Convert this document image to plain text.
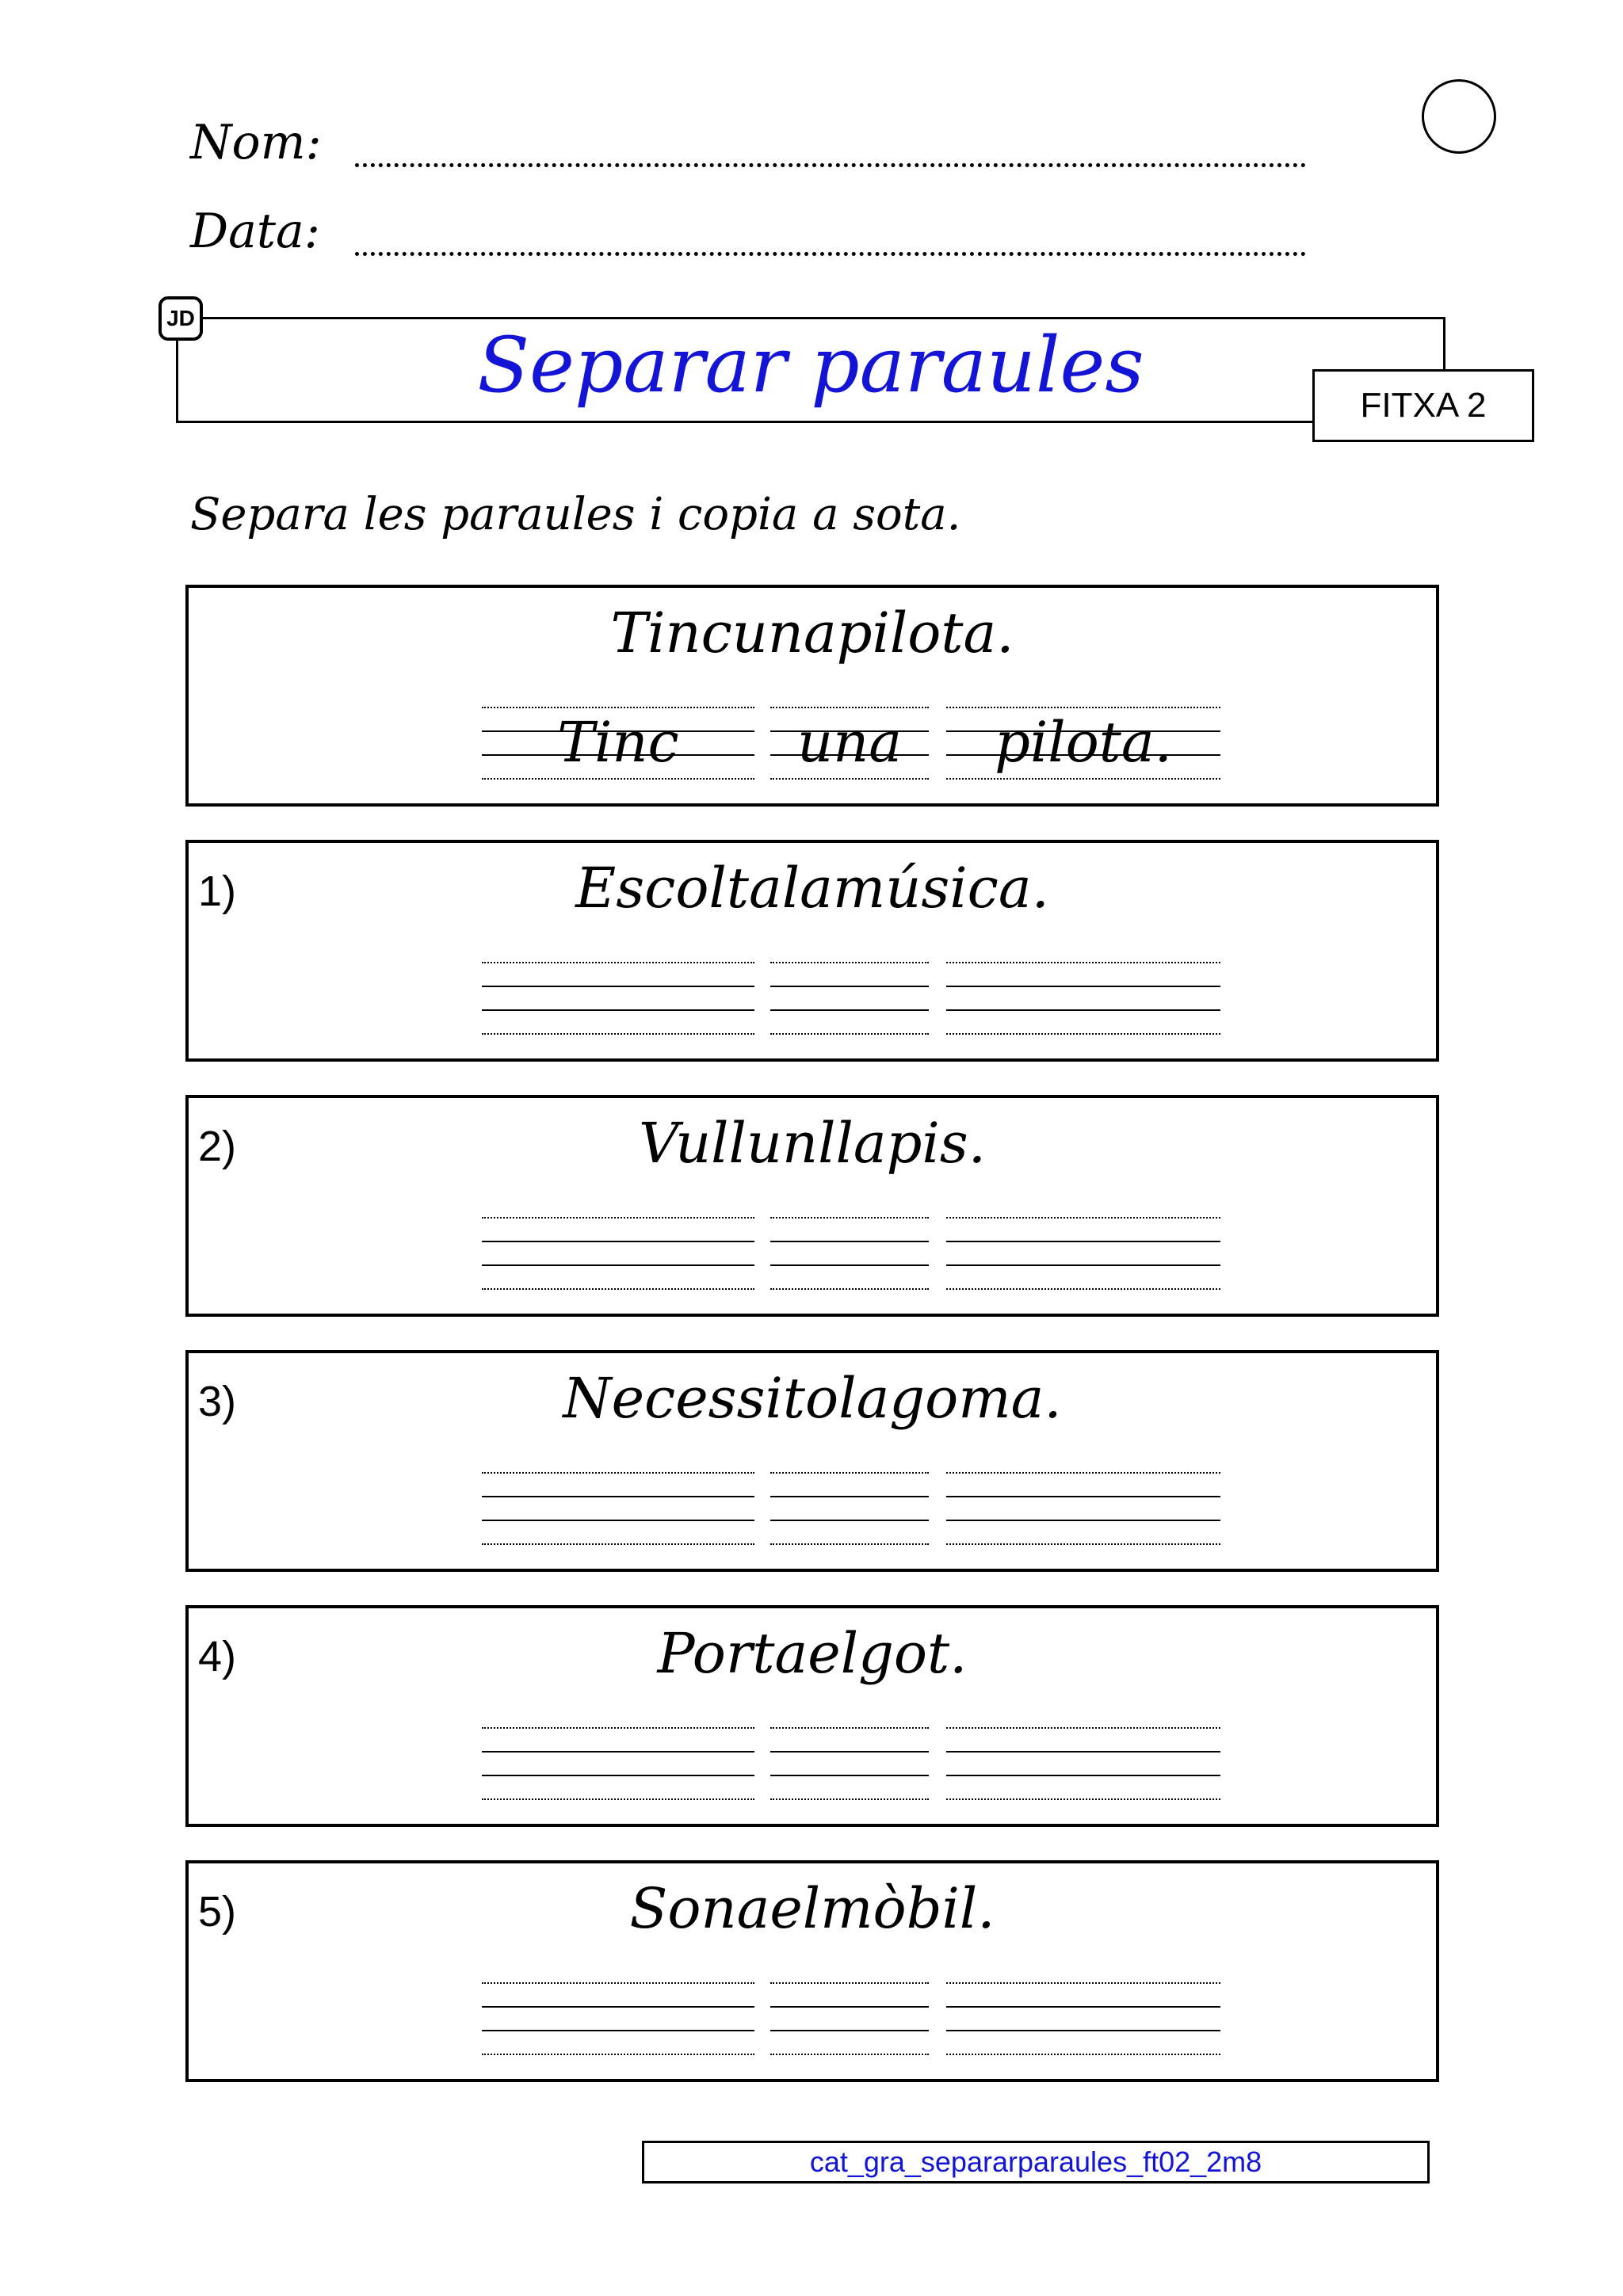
Nom:
Data:
Separar paraules
JD
FITXA 2
Separa les paraules i copia a sota.
Tincunapilota.
Tinc	una	pilota.
1)	Escoltalamúsica.
2)	Vullunllapis.
3)	Necessitolagoma.
4)	Portaelgot.
5)	Sonaelmòbil.
cat_gra_separarparaules_ft02_2m8
